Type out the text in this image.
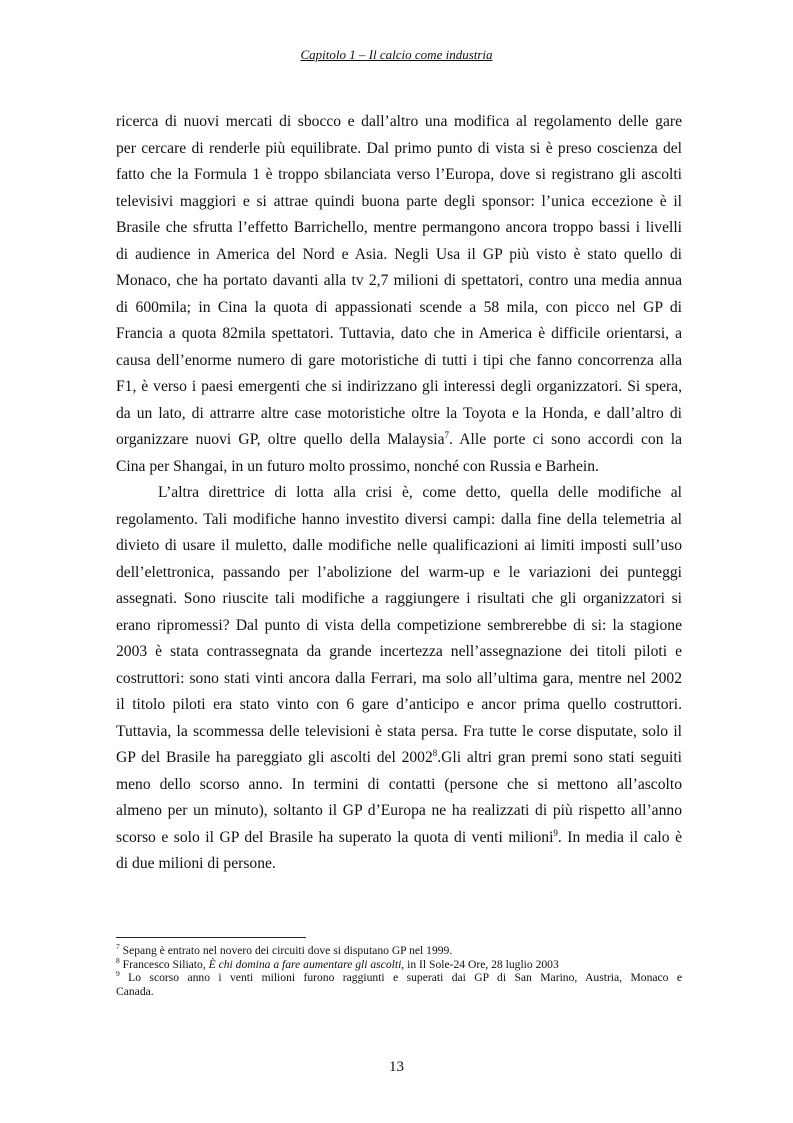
Capitolo 1 – Il calcio come industria
ricerca di nuovi mercati di sbocco e dall’altro una modifica al regolamento delle gare
per cercare di renderle più equilibrate. Dal primo punto di vista si è preso coscienza del
fatto che la Formula 1 è troppo sbilanciata verso l’Europa, dove si registrano gli ascolti
televisivi maggiori e si attrae quindi buona parte degli sponsor: l’unica eccezione è il
Brasile che sfrutta l’effetto Barrichello, mentre permangono ancora troppo bassi i livelli
di audience in America del Nord e Asia. Negli Usa il GP più visto è stato quello di
Monaco, che ha portato davanti alla tv 2,7 milioni di spettatori, contro una media annua
di 600mila; in Cina la quota di appassionati scende a 58 mila, con picco nel GP di
Francia a quota 82mila spettatori. Tuttavia, dato che in America è difficile orientarsi, a
causa dell’enorme numero di gare motoristiche di tutti i tipi che fanno concorrenza alla
F1, è verso i paesi emergenti che si indirizzano gli interessi degli organizzatori. Si spera,
da un lato, di attrarre altre case motoristiche oltre la Toyota e la Honda, e dall’altro di
organizzare nuovi GP, oltre quello della Malaysia$^7$. Alle porte ci sono accordi con la
Cina per Shangai, in un futuro molto prossimo, nonché con Russia e Barhein.
L’altra direttrice di lotta alla crisi è, come detto, quella delle modifiche al
regolamento. Tali modifiche hanno investito diversi campi: dalla fine della telemetria al
divieto di usare il muletto, dalle modifiche nelle qualificazioni ai limiti imposti sull’uso
dell’elettronica, passando per l’abolizione del warm-up e le variazioni dei punteggi
assegnati. Sono riuscite tali modifiche a raggiungere i risultati che gli organizzatori si
erano ripromessi? Dal punto di vista della competizione sembrerebbe di si: la stagione
2003 è stata contrassegnata da grande incertezza nell’assegnazione dei titoli piloti e
costruttori: sono stati vinti ancora dalla Ferrari, ma solo all’ultima gara, mentre nel 2002
il titolo piloti era stato vinto con 6 gare d’anticipo e ancor prima quello costruttori.
Tuttavia, la scommessa delle televisioni è stata persa. Fra tutte le corse disputate, solo il
GP del Brasile ha pareggiato gli ascolti del 2002$^8$.Gli altri gran premi sono stati seguiti
meno dello scorso anno. In termini di contatti (persone che si mettono all’ascolto
almeno per un minuto), soltanto il GP d’Europa ne ha realizzati di più rispetto all’anno
scorso e solo il GP del Brasile ha superato la quota di venti milioni$^9$. In media il calo è
di due milioni di persone.
$^7$ Sepang è entrato nel novero dei circuiti dove si disputano GP nel 1999.
$^8$ Francesco Siliato, È chi domina a fare aumentare gli ascolti, in Il Sole-24 Ore, 28 luglio 2003
$^9$ Lo scorso anno i venti milioni furono raggiunti e superati dai GP di San Marino, Austria, Monaco e
Canada.
13
